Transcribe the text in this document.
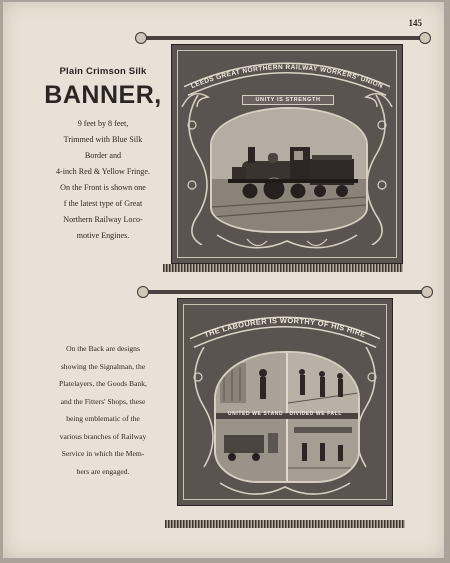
145
Plain Crimson Silk
BANNER,
9 feet by 8 feet,
Trimmed with Blue Silk
Border and
4-inch Red & Yellow Fringe.
On the Front is shown one
f the latest type of Great
Northern Railway Loco-
motive Engines.
On the Back are designs
showing the Signalman, the
Platelayers, the Goods Bank,
and the Fitters' Shops, these
being emblematic of the
various branches of Railway
Service in which the Mem-
bers are engaged.
LEEDS GREAT NORTHERN RAILWAY WORKERS' UNION
UNITY IS STRENGTH
THE LABOURER IS WORTHY OF HIS HIRE
UNITED WE STAND · DIVIDED WE FALL
